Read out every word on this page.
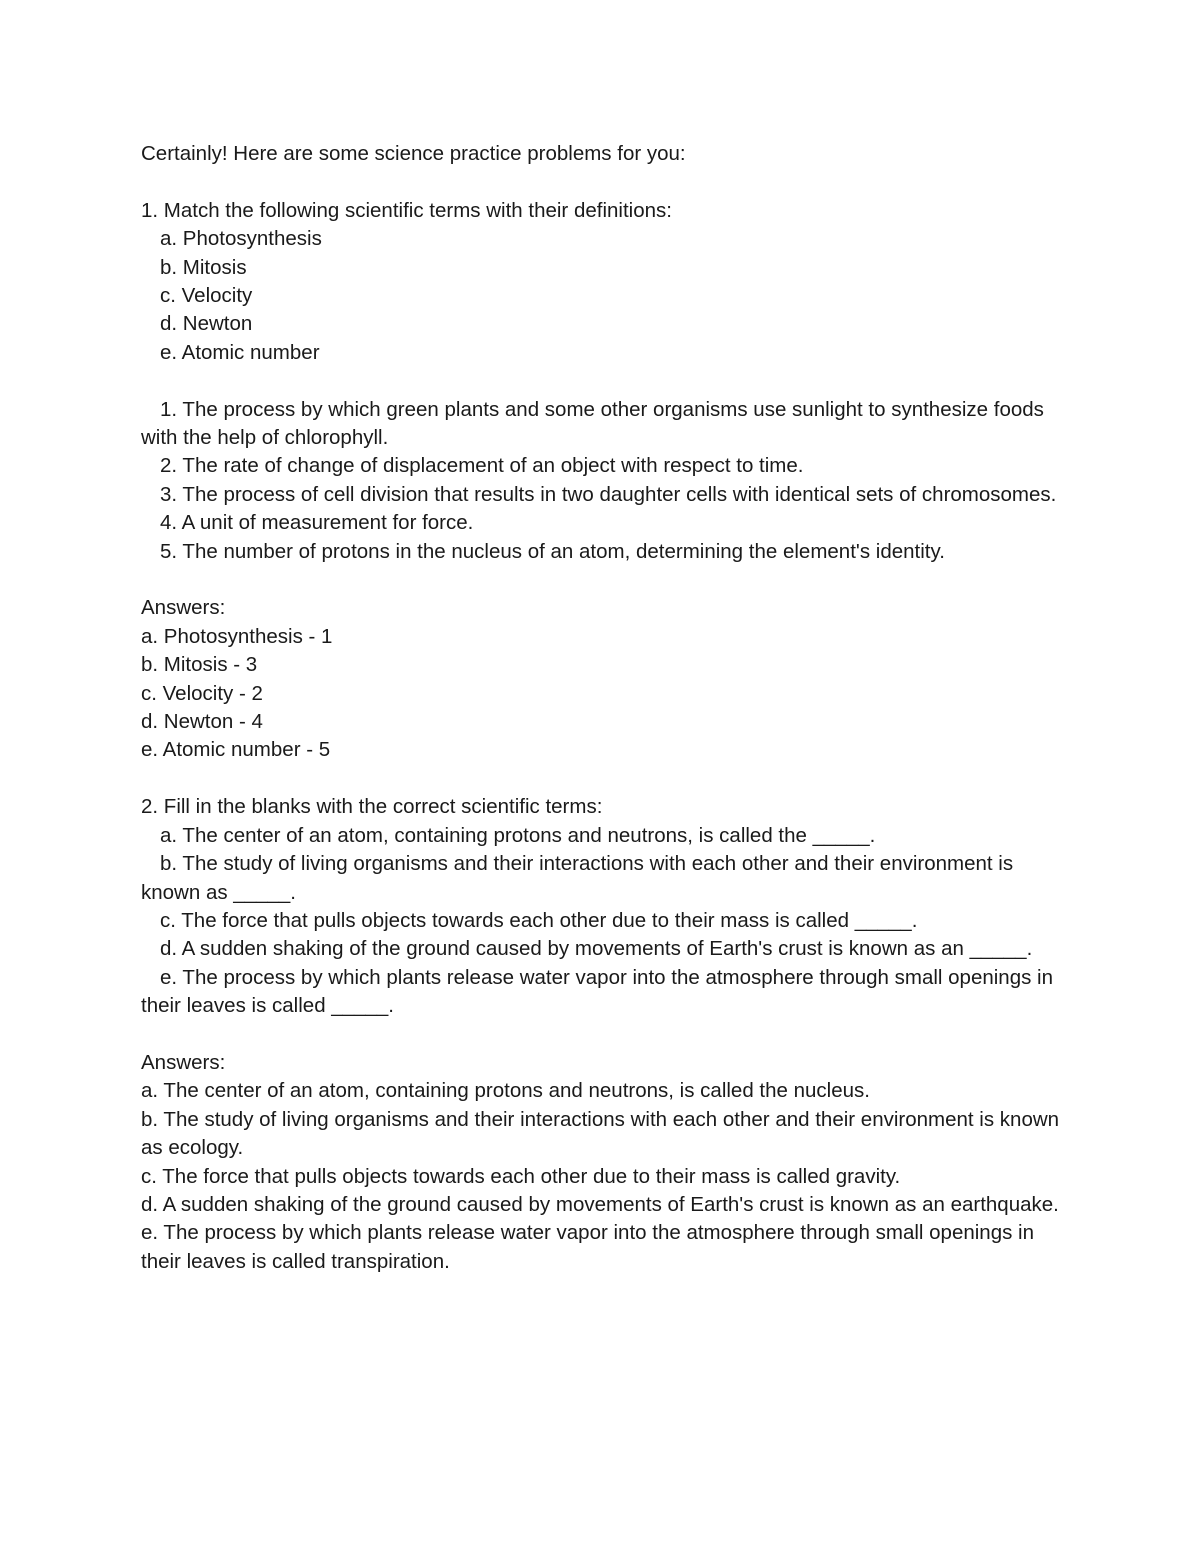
Certainly! Here are some science practice problems for you:

1. Match the following scientific terms with their definitions:

a. Photosynthesis

b. Mitosis

c. Velocity

d. Newton

e. Atomic number

1. The process by which green plants and some other organisms use sunlight to synthesize foods with the help of chlorophyll.

2. The rate of change of displacement of an object with respect to time.

3. The process of cell division that results in two daughter cells with identical sets of chromosomes.

4. A unit of measurement for force.

5. The number of protons in the nucleus of an atom, determining the element's identity.

Answers:

a. Photosynthesis - 1

b. Mitosis - 3

c. Velocity - 2

d. Newton - 4

e. Atomic number - 5

2. Fill in the blanks with the correct scientific terms:

a. The center of an atom, containing protons and neutrons, is called the _____.

b. The study of living organisms and their interactions with each other and their environment is known as _____.

c. The force that pulls objects towards each other due to their mass is called _____.

d. A sudden shaking of the ground caused by movements of Earth's crust is known as an _____.

e. The process by which plants release water vapor into the atmosphere through small openings in their leaves is called _____.

Answers:

a. The center of an atom, containing protons and neutrons, is called the nucleus.

b. The study of living organisms and their interactions with each other and their environment is known as ecology.

c. The force that pulls objects towards each other due to their mass is called gravity.

d. A sudden shaking of the ground caused by movements of Earth's crust is known as an earthquake.

e. The process by which plants release water vapor into the atmosphere through small openings in their leaves is called transpiration.
